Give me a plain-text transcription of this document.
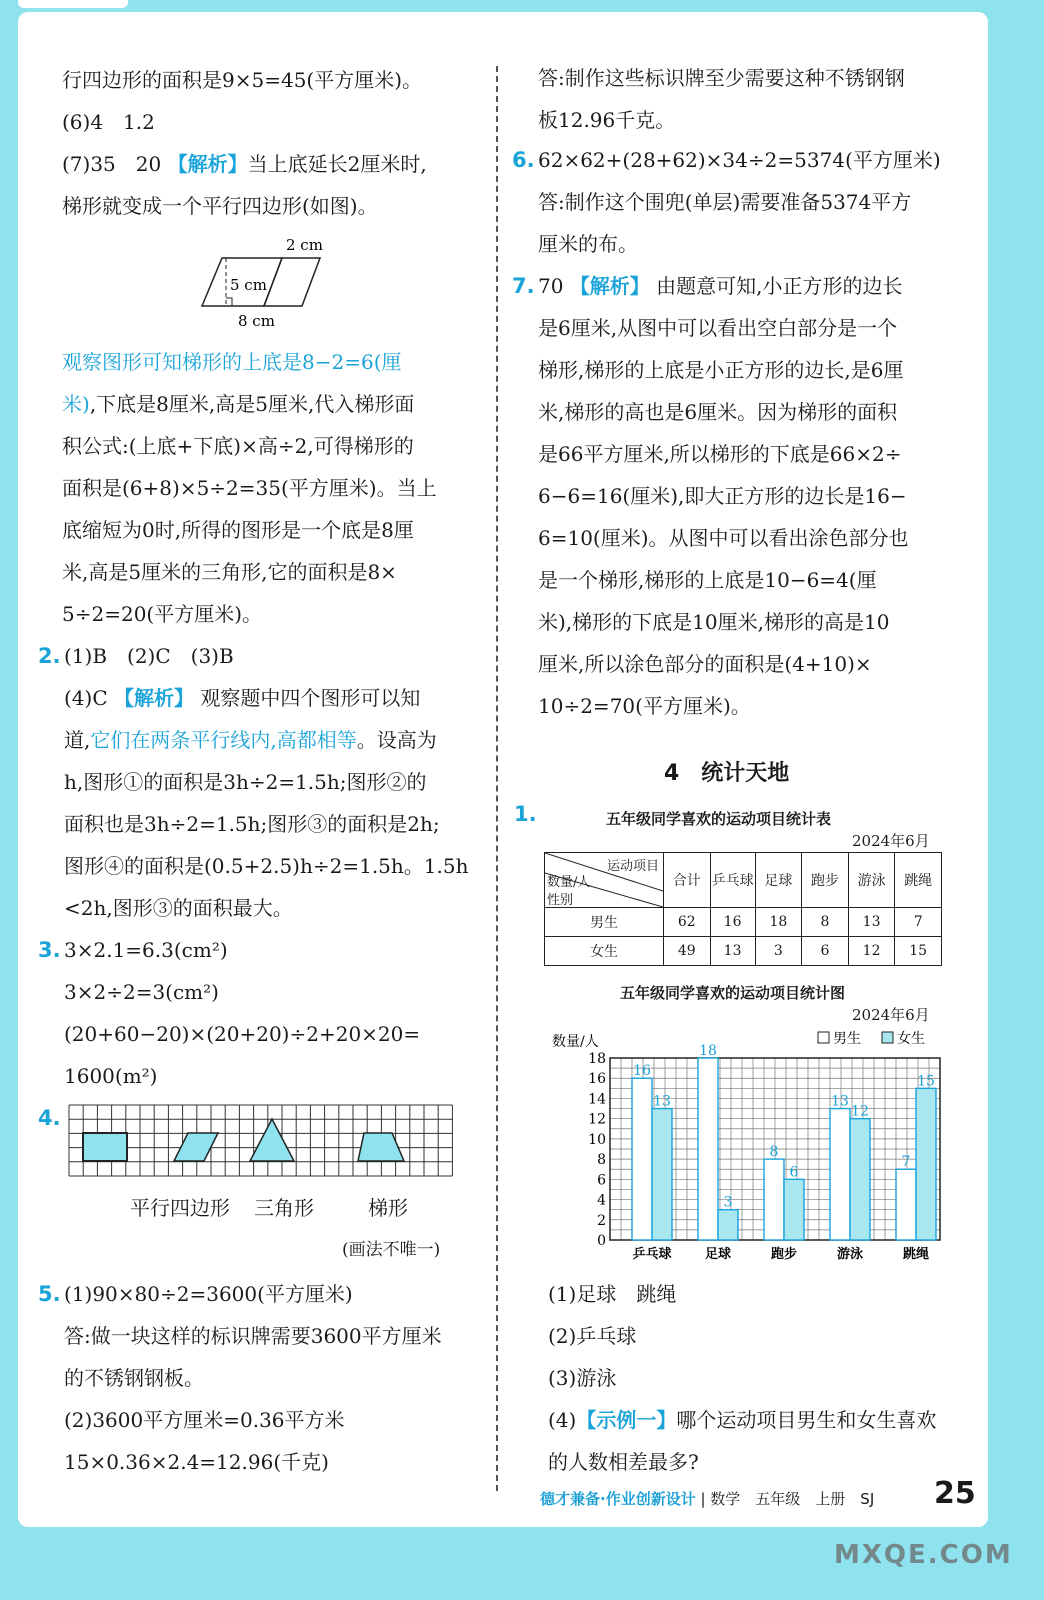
行四边形的面积是9×5=45(平方厘米)。
(6)4　1.2
(7)35　20 【解析】当上底延长2厘米时,
梯形就变成一个平行四边形(如图)。
2 cm
5 cm
8 cm
观察图形可知梯形的上底是8−2=6(厘
米),下底是8厘米,高是5厘米,代入梯形面
积公式:(上底+下底)×高÷2,可得梯形的
面积是(6+8)×5÷2=35(平方厘米)。当上
底缩短为0时,所得的图形是一个底是8厘
米,高是5厘米的三角形,它的面积是8×
5÷2=20(平方厘米)。
2. (1)B　(2)C　(3)B
(4)C 【解析】 观察题中四个图形可以知
道,它们在两条平行线内,高都相等。设高为
h,图形①的面积是3h÷2=1.5h;图形②的
面积也是3h÷2=1.5h;图形③的面积是2h;
图形④的面积是(0.5+2.5)h÷2=1.5h。1.5h
<2h,图形③的面积最大。
3. 3×2.1=6.3(cm²)
3×2÷2=3(cm²)
(20+60−20)×(20+20)÷2+20×20=
1600(m²)
4.
平行四边形 三角形	梯形
(画法不唯一)
5. (1)90×80÷2=3600(平方厘米)
答:做一块这样的标识牌需要3600平方厘米
的不锈钢钢板。
(2)3600平方厘米=0.36平方米
15×0.36×2.4=12.96(千克)
答:制作这些标识牌至少需要这种不锈钢钢
板12.96千克。
6. 62×62+(28+62)×34÷2=5374(平方厘米)
答:制作这个围兜(单层)需要准备5374平方
厘米的布。
7. 70 【解析】 由题意可知,小正方形的边长
是6厘米,从图中可以看出空白部分是一个
梯形,梯形的上底是小正方形的边长,是6厘
米,梯形的高也是6厘米。因为梯形的面积
是66平方厘米,所以梯形的下底是66×2÷
6−6=16(厘米),即大正方形的边长是16−
6=10(厘米)。从图中可以看出涂色部分也
是一个梯形,梯形的上底是10−6=4(厘
米),梯形的下底是10厘米,梯形的高是10
厘米,所以涂色部分的面积是(4+10)×
10÷2=70(平方厘米)。
4　统计天地
1.	五年级同学喜欢的运动项目统计表
2024年6月
运动项目
数量/人
性别	合计	乒乓球	足球	跑步	游泳	跳绳
男生	62	16	18	8	13	7
女生	49	13	3	6	12	15
五年级同学喜欢的运动项目统计图
2024年6月
0
2
4
6
8
10
12
14
16
18
数量/人	男生	女生
16
13
乒乓球
18
3
足球
8
6
跑步
13
12
游泳
7
15
跳绳
(1)足球　跳绳
(2)乒乓球
(3)游泳
(4)【示例一】哪个运动项目男生和女生喜欢
的人数相差最多?
德才兼备·作业创新设计 | 数学　五年级　上册　SJ 25
MXQE.COM
